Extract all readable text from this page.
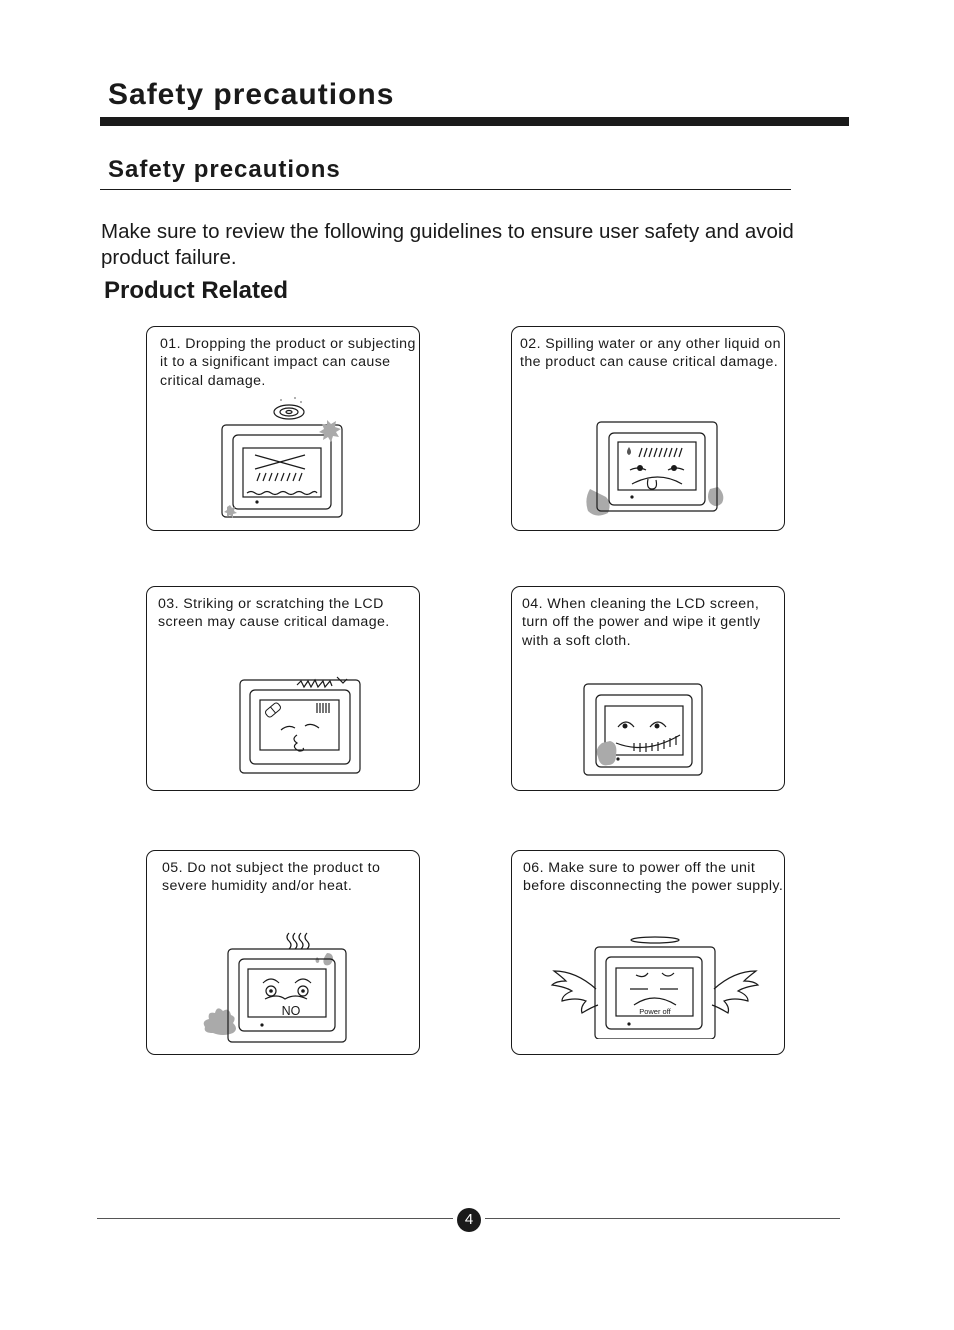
Safety precautions
Safety precautions

Make sure to review the following guidelines to ensure user safety and avoid product failure.

Product Related

01. Dropping the product or subjecting it to a significant impact can cause critical damage.

02. Spilling water or any other liquid on the product can cause critical damage.

03. Striking or scratching the LCD screen may cause critical damage.

04. When cleaning the LCD screen, turn off the power and wipe it gently with a soft cloth.

05. Do not subject the product to severe humidity and/or heat.

NO

06. Make sure to power off the unit before disconnecting the power supply.

Power off
4
